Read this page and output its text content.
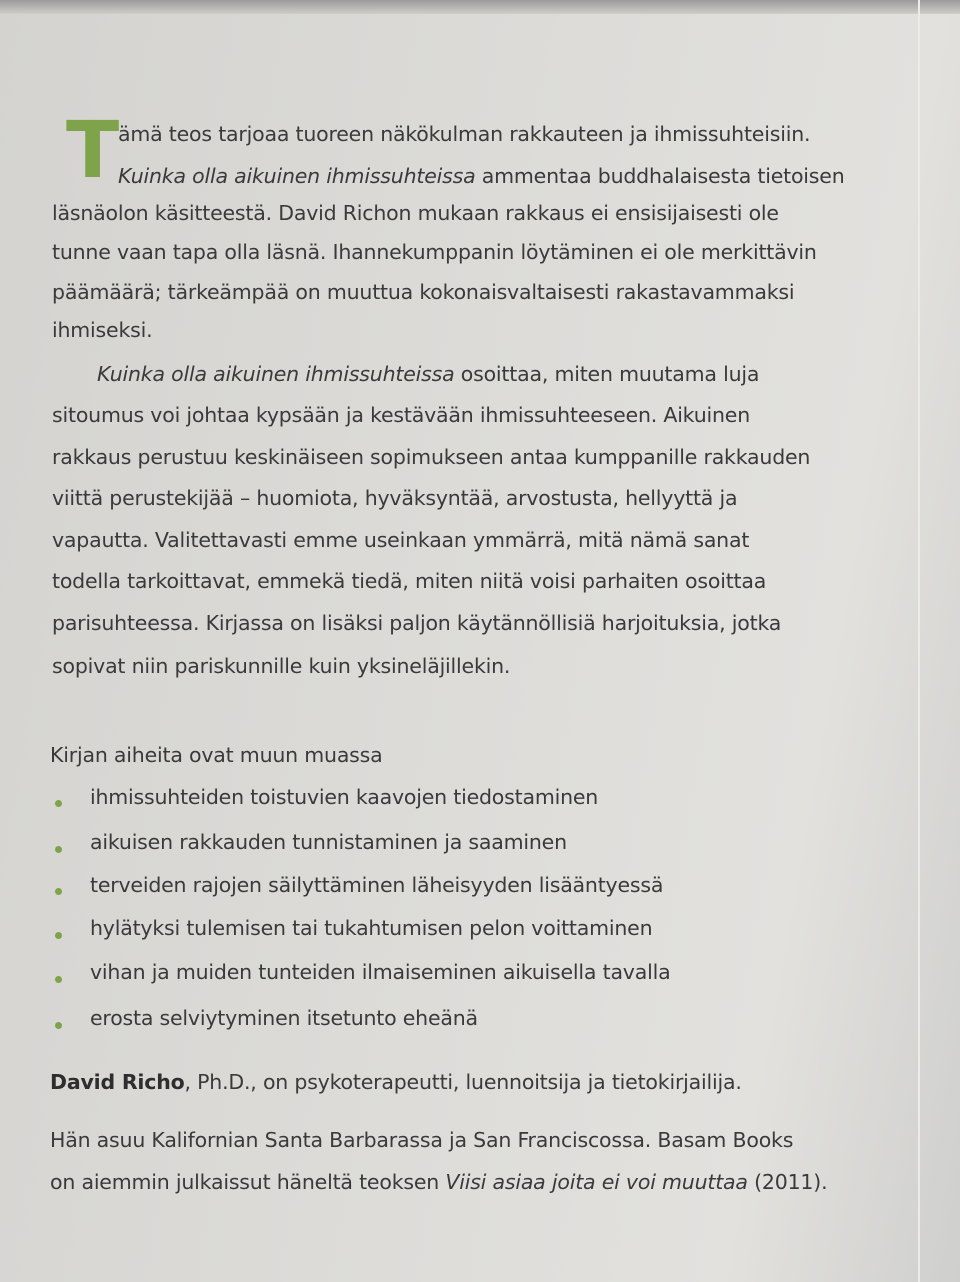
T
ämä teos tarjoaa tuoreen näkökulman rakkauteen ja ihmissuhteisiin.
Kuinka olla aikuinen ihmissuhteissa ammentaa buddhalaisesta tietoisen
läsnäolon käsitteestä. David Richon mukaan rakkaus ei ensisijaisesti ole
tunne vaan tapa olla läsnä. Ihannekumppanin löytäminen ei ole merkittävin
päämäärä; tärkeämpää on muuttua kokonaisvaltaisesti rakastavammaksi
ihmiseksi.
Kuinka olla aikuinen ihmissuhteissa osoittaa, miten muutama luja
sitoumus voi johtaa kypsään ja kestävään ihmissuhteeseen. Aikuinen
rakkaus perustuu keskinäiseen sopimukseen antaa kumppanille rakkauden
viittä perustekijää – huomiota, hyväksyntää, arvostusta, hellyyttä ja
vapautta. Valitettavasti emme useinkaan ymmärrä, mitä nämä sanat
todella tarkoittavat, emmekä tiedä, miten niitä voisi parhaiten osoittaa
parisuhteessa. Kirjassa on lisäksi paljon käytännöllisiä harjoituksia, jotka
sopivat niin pariskunnille kuin yksineläjillekin.
Kirjan aiheita ovat muun muassa
ihmissuhteiden toistuvien kaavojen tiedostaminen
aikuisen rakkauden tunnistaminen ja saaminen
terveiden rajojen säilyttäminen läheisyyden lisääntyessä
hylätyksi tulemisen tai tukahtumisen pelon voittaminen
vihan ja muiden tunteiden ilmaiseminen aikuisella tavalla
erosta selviytyminen itsetunto eheänä
David Richo, Ph.D., on psykoterapeutti, luennoitsija ja tietokirjailija.
Hän asuu Kalifornian Santa Barbarassa ja San Franciscossa. Basam Books
on aiemmin julkaissut häneltä teoksen Viisi asiaa joita ei voi muuttaa (2011).
